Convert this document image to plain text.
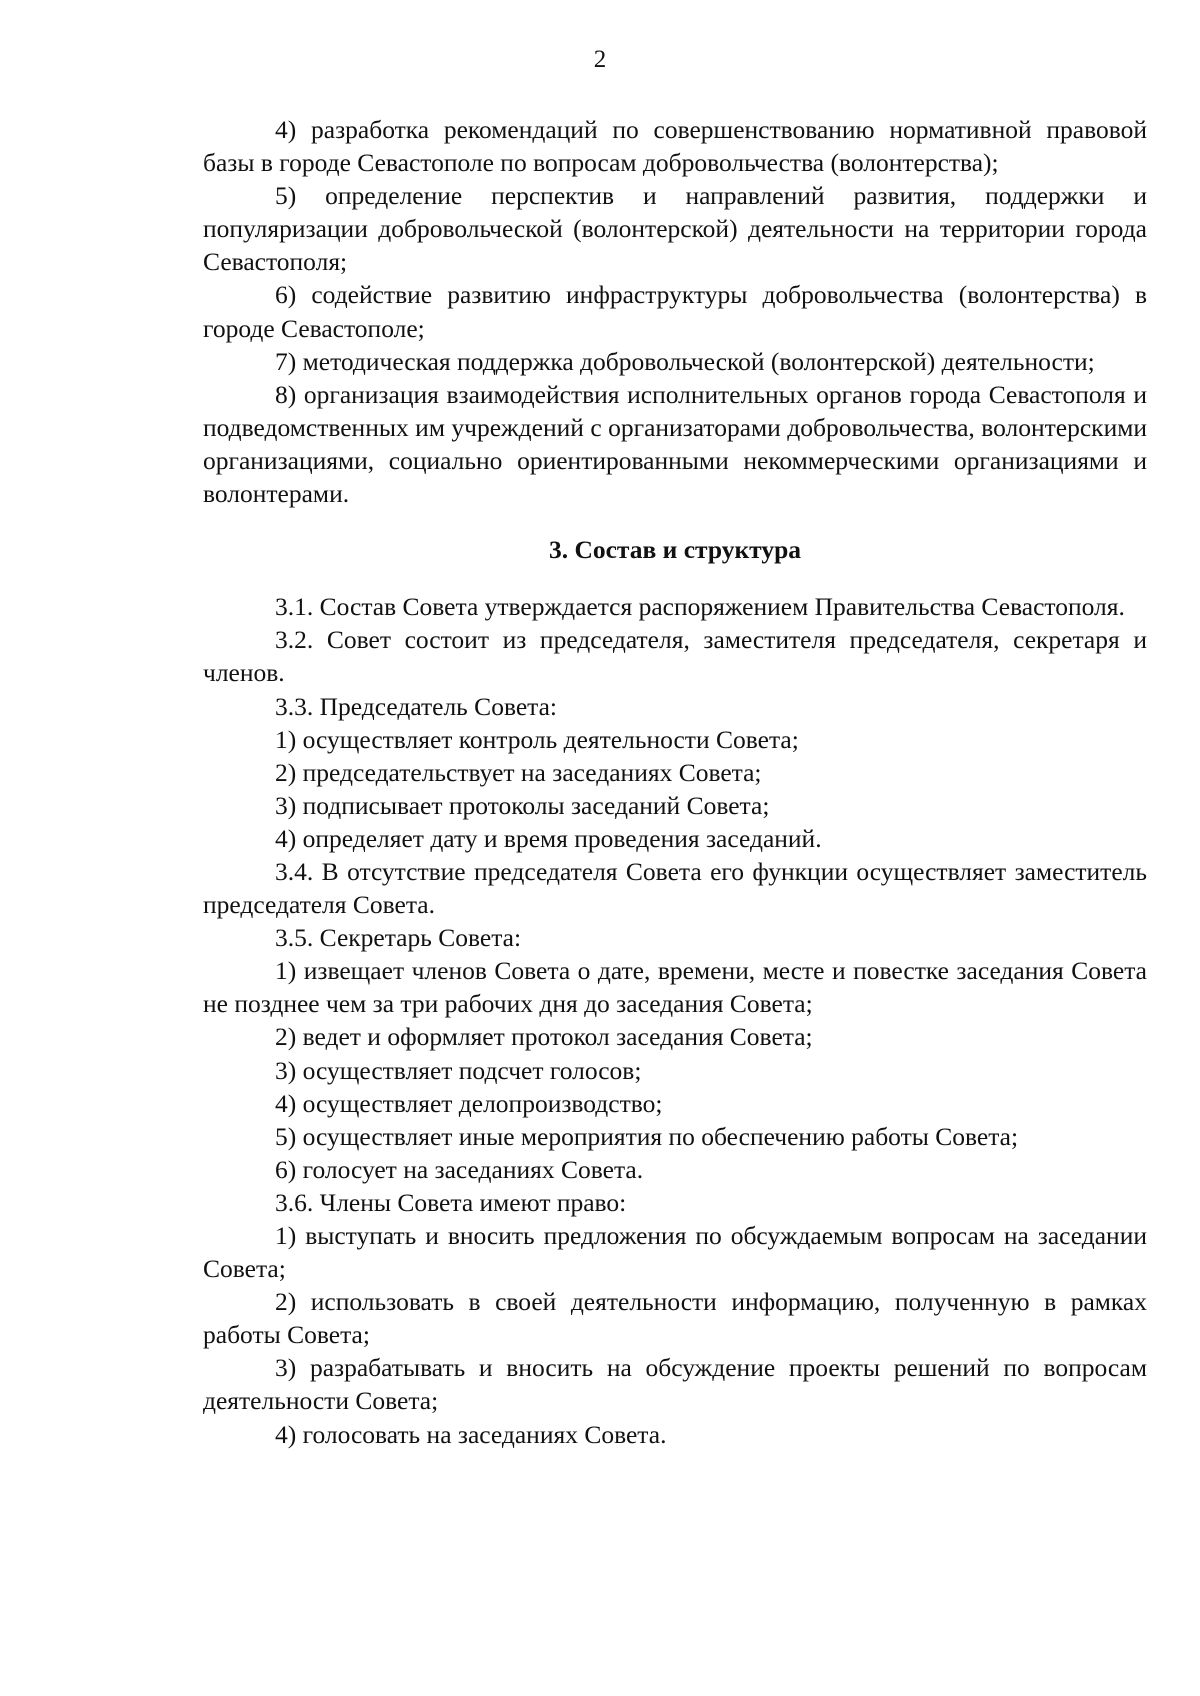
2

4) разработка рекомендаций по совершенствованию нормативной правовой базы в городе Севастополе по вопросам добровольчества (волонтерства);

5) определение перспектив и направлений развития, поддержки и популяризации добровольческой (волонтерской) деятельности на территории города Севастополя;

6) содействие развитию инфраструктуры добровольчества (волонтерства) в городе Севастополе;

7) методическая поддержка добровольческой (волонтерской) деятельности;

8) организация взаимодействия исполнительных органов города Севастополя и подведомственных им учреждений с организаторами добровольчества, волонтерскими организациями, социально ориентированными некоммерческими организациями и волонтерами.

3. Состав и структура

3.1. Состав Совета утверждается распоряжением Правительства Севастополя.

3.2. Совет состоит из председателя, заместителя председателя, секретаря и членов.

3.3. Председатель Совета:

1) осуществляет контроль деятельности Совета;

2) председательствует на заседаниях Совета;

3) подписывает протоколы заседаний Совета;

4) определяет дату и время проведения заседаний.

3.4. В отсутствие председателя Совета его функции осуществляет заместитель председателя Совета.

3.5. Секретарь Совета:

1) извещает членов Совета о дате, времени, месте и повестке заседания Совета не позднее чем за три рабочих дня до заседания Совета;

2) ведет и оформляет протокол заседания Совета;

3) осуществляет подсчет голосов;

4) осуществляет делопроизводство;

5) осуществляет иные мероприятия по обеспечению работы Совета;

6) голосует на заседаниях Совета.

3.6. Члены Совета имеют право:

1) выступать и вносить предложения по обсуждаемым вопросам на заседании Совета;

2) использовать в своей деятельности информацию, полученную в рамках работы Совета;

3) разрабатывать и вносить на обсуждение проекты решений по вопросам деятельности Совета;

4) голосовать на заседаниях Совета.
